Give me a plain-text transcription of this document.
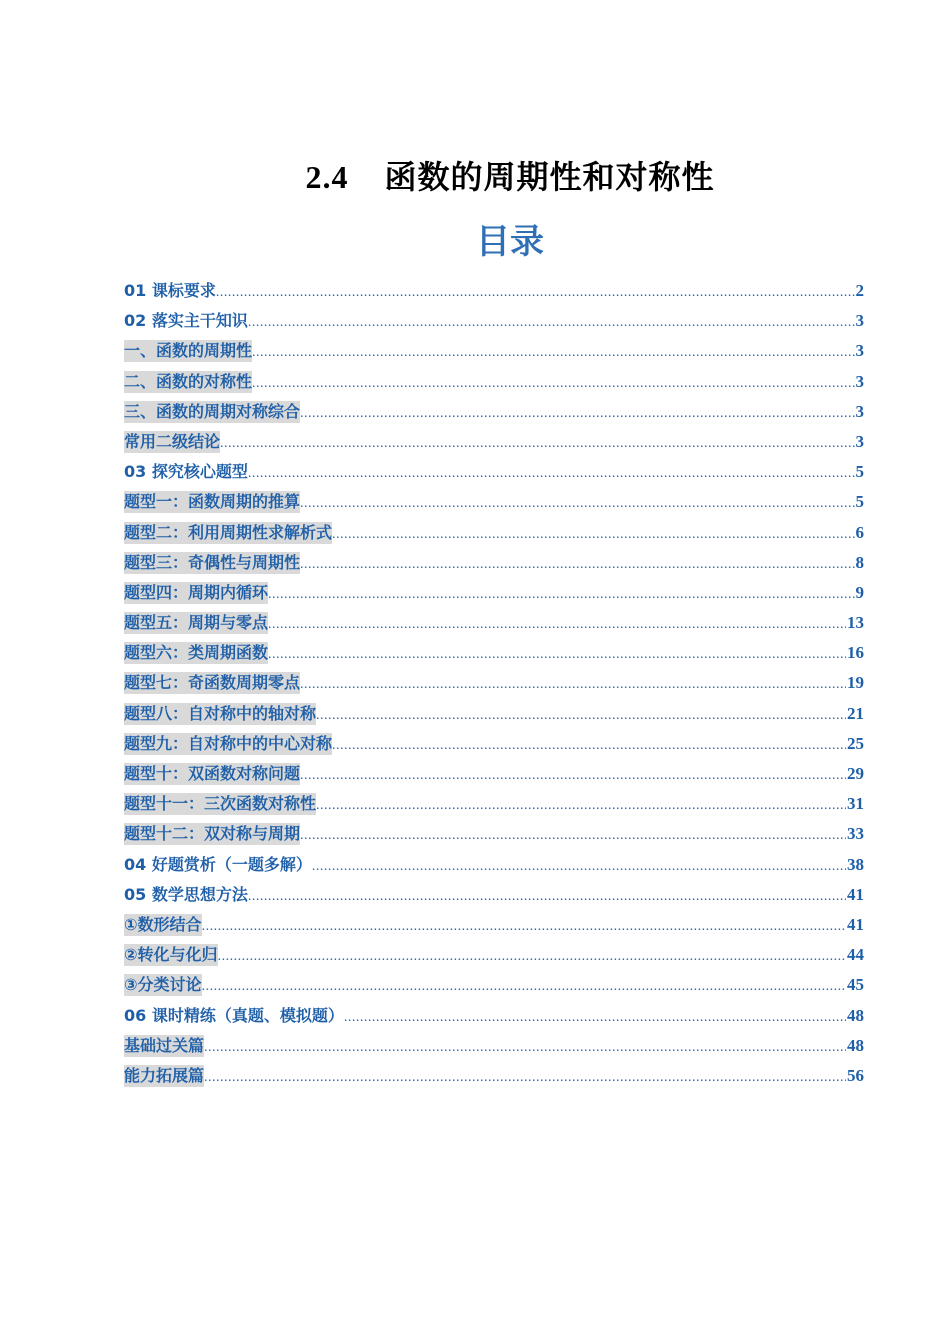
2.4    函数的周期性和对称性
目录
01 课标要求 .....	2
02 落实主干知识 .....	3
一、函数的周期性 .....	3
二、函数的对称性 .....	3
三、函数的周期对称综合 .....	3
常用二级结论 .....	3
03 探究核心题型 .....	5
题型一：函数周期的推算 .....	5
题型二：利用周期性求解析式 .....	6
题型三：奇偶性与周期性 .....	8
题型四：周期内循环 .....	9
题型五：周期与零点 .....	13
题型六：类周期函数 .....	16
题型七：奇函数周期零点 .....	19
题型八：自对称中的轴对称 .....	21
题型九：自对称中的中心对称 .....	25
题型十：双函数对称问题 .....	29
题型十一：三次函数对称性 .....	31
题型十二：双对称与周期 .....	33
04 好题赏析（一题多解） .....	38
05 数学思想方法 .....	41
①数形结合 .....	41
②转化与化归 .....	44
③分类讨论 .....	45
06 课时精练（真题、模拟题） .....	48
基础过关篇 .....	48
能力拓展篇 .....	56
